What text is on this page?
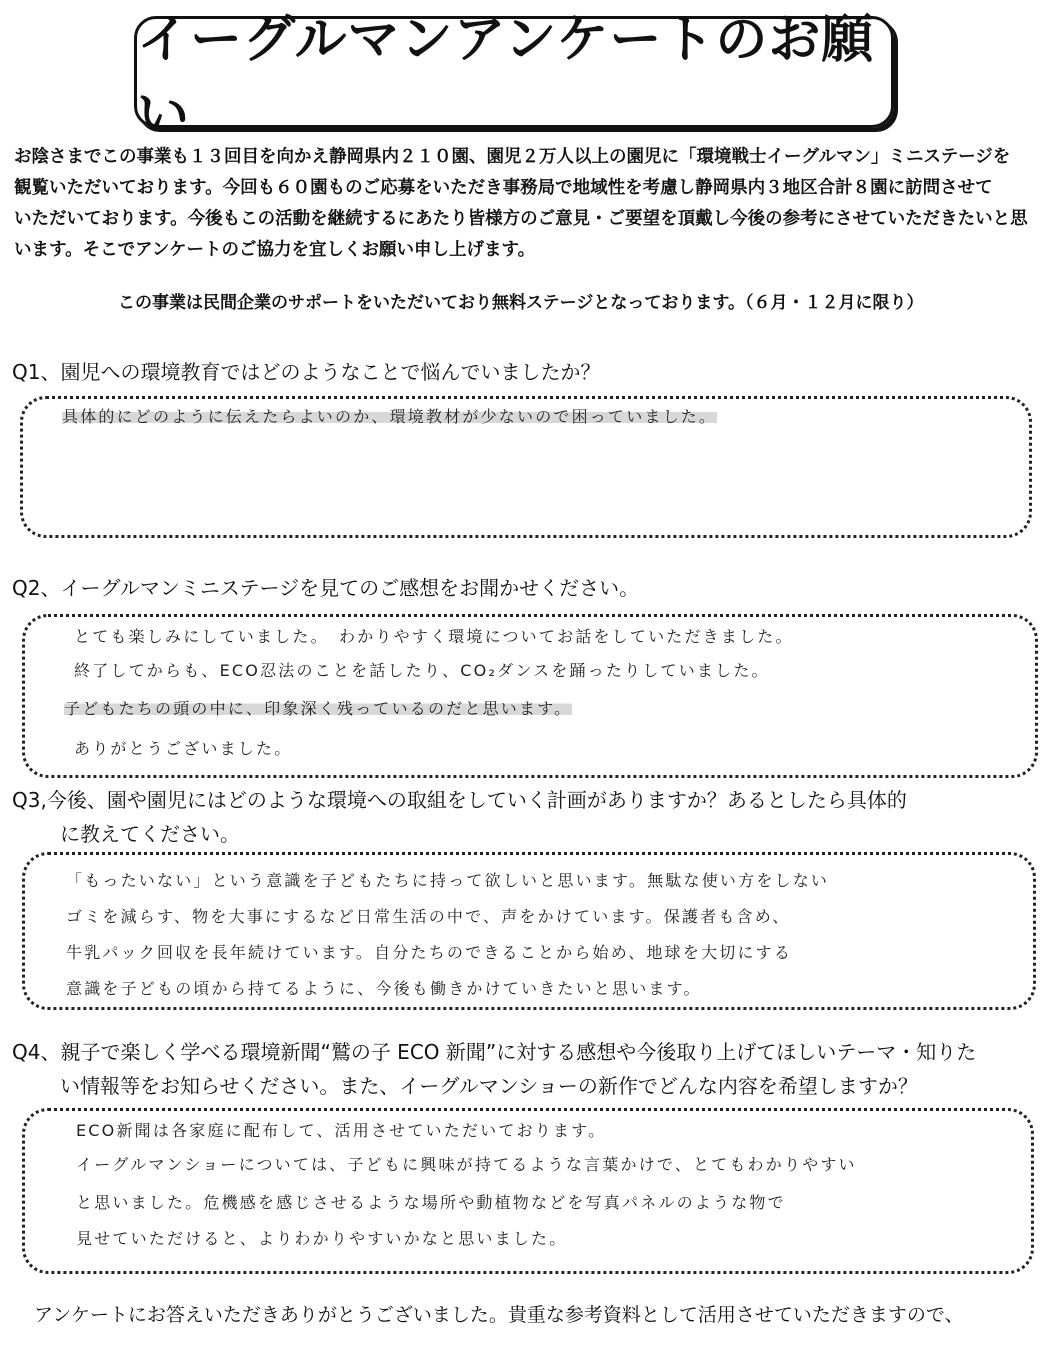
イーグルマンアンケートのお願い

お陰さまでこの事業も１３回目を向かえ静岡県内２１０園、園児２万人以上の園児に「環境戦士イーグルマン」ミニステージを

観覧いただいております。今回も６０園ものご応募をいただき事務局で地域性を考慮し静岡県内３地区合計８園に訪問させて

いただいております。今後もこの活動を継続するにあたり皆様方のご意見・ご要望を頂戴し今後の参考にさせていただきたいと思

います。そこでアンケートのご協力を宜しくお願い申し上げます。

この事業は民間企業のサポートをいただいており無料ステージとなっております。（６月・１２月に限り）
Q1、園児への環境教育ではどのようなことで悩んでいましたか？
具体的にどのように伝えたらよいのか、環境教材が少ないので困っていました。
Q2、イーグルマンミニステージを見てのご感想をお聞かせください。
とても楽しみにしていました。　わかりやすく環境についてお話をしていただきました。
終了してからも、ECO忍法のことを話したり、CO₂ダンスを踊ったりしていました。
子どもたちの頭の中に、印象深く残っているのだと思います。
ありがとうございました。
Q3,今後、園や園児にはどのような環境への取組をしていく計画がありますか？あるとしたら具体的
に教えてください。
「もったいない」という意識を子どもたちに持って欲しいと思います。無駄な使い方をしない
ゴミを減らす、物を大事にするなど日常生活の中で、声をかけています。保護者も含め、
牛乳パック回収を長年続けています。自分たちのできることから始め、地球を大切にする
意識を子どもの頃から持てるように、今後も働きかけていきたいと思います。
Q4、親子で楽しく学べる環境新聞“鷲の子 ECO 新聞”に対する感想や今後取り上げてほしいテーマ・知りた
い情報等をお知らせください。また、イーグルマンショーの新作でどんな内容を希望しますか？
ECO新聞は各家庭に配布して、活用させていただいております。
イーグルマンショーについては、子どもに興味が持てるような言葉かけで、とてもわかりやすい
と思いました。危機感を感じさせるような場所や動植物などを写真パネルのような物で
見せていただけると、よりわかりやすいかなと思いました。
アンケートにお答えいただきありがとうございました。貴重な参考資料として活用させていただきますので、
